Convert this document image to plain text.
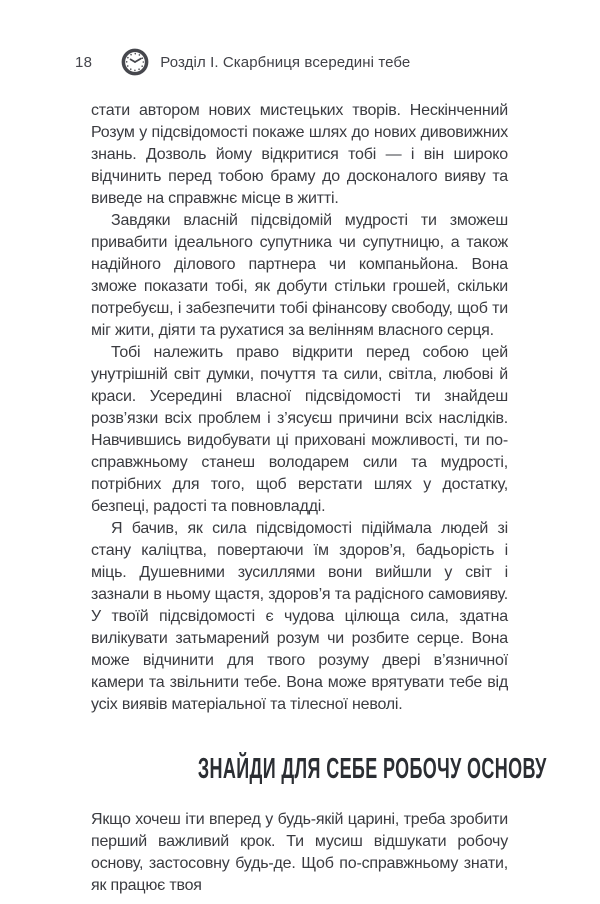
18	Розділ І. Скарбниця всередині тебе

стати автором нових мистецьких творів. Нескінченний Розум у підсвідомості покаже шлях до нових дивовижних знань. Дозволь йому відкритися тобі — і він широко відчинить перед тобою браму до досконалого вияву та виведе на справжнє місце в житті.

Завдяки власній підсвідомій мудрості ти зможеш привабити ідеального супутника чи супутницю, а також надійного ділового партнера чи компаньйона. Вона зможе показати тобі, як добути стільки грошей, скільки потребуєш, і забезпечити тобі фінансову свободу, щоб ти міг жити, діяти та рухатися за велінням власного серця.

Тобі належить право відкрити перед собою цей унутрішній світ думки, почуття та сили, світла, любові й краси. Усередині власної підсвідомості ти знайдеш розв’язки всіх проблем і з’ясуєш причини всіх наслідків. Навчившись видобувати ці приховані можливості, ти по-справжньому станеш володарем сили та мудрості, потрібних для того, щоб верстати шлях у достатку, безпеці, радості та повновладді.

Я бачив, як сила підсвідомості підіймала людей зі стану каліцтва, повертаючи їм здоров’я, бадьорість і міць. Душевними зусиллями вони вийшли у світ і зазнали в ньому щастя, здоров’я та радісного самовияву. У твоїй підсвідомості є чудова цілюща сила, здатна вилікувати затьмарений розум чи розбите серце. Вона може відчинити для твого розуму двері в’язничної камери та звільнити тебе. Вона може врятувати тебе від усіх виявів матеріальної та тілесної неволі.

ЗНАЙДИ ДЛЯ СЕБЕ РОБОЧУ ОСНОВУ

Якщо хочеш іти вперед у будь-якій царині, треба зробити перший важливий крок. Ти мусиш відшукати робочу основу, застосовну будь-де. Щоб по-справжньому знати, як працює твоя
